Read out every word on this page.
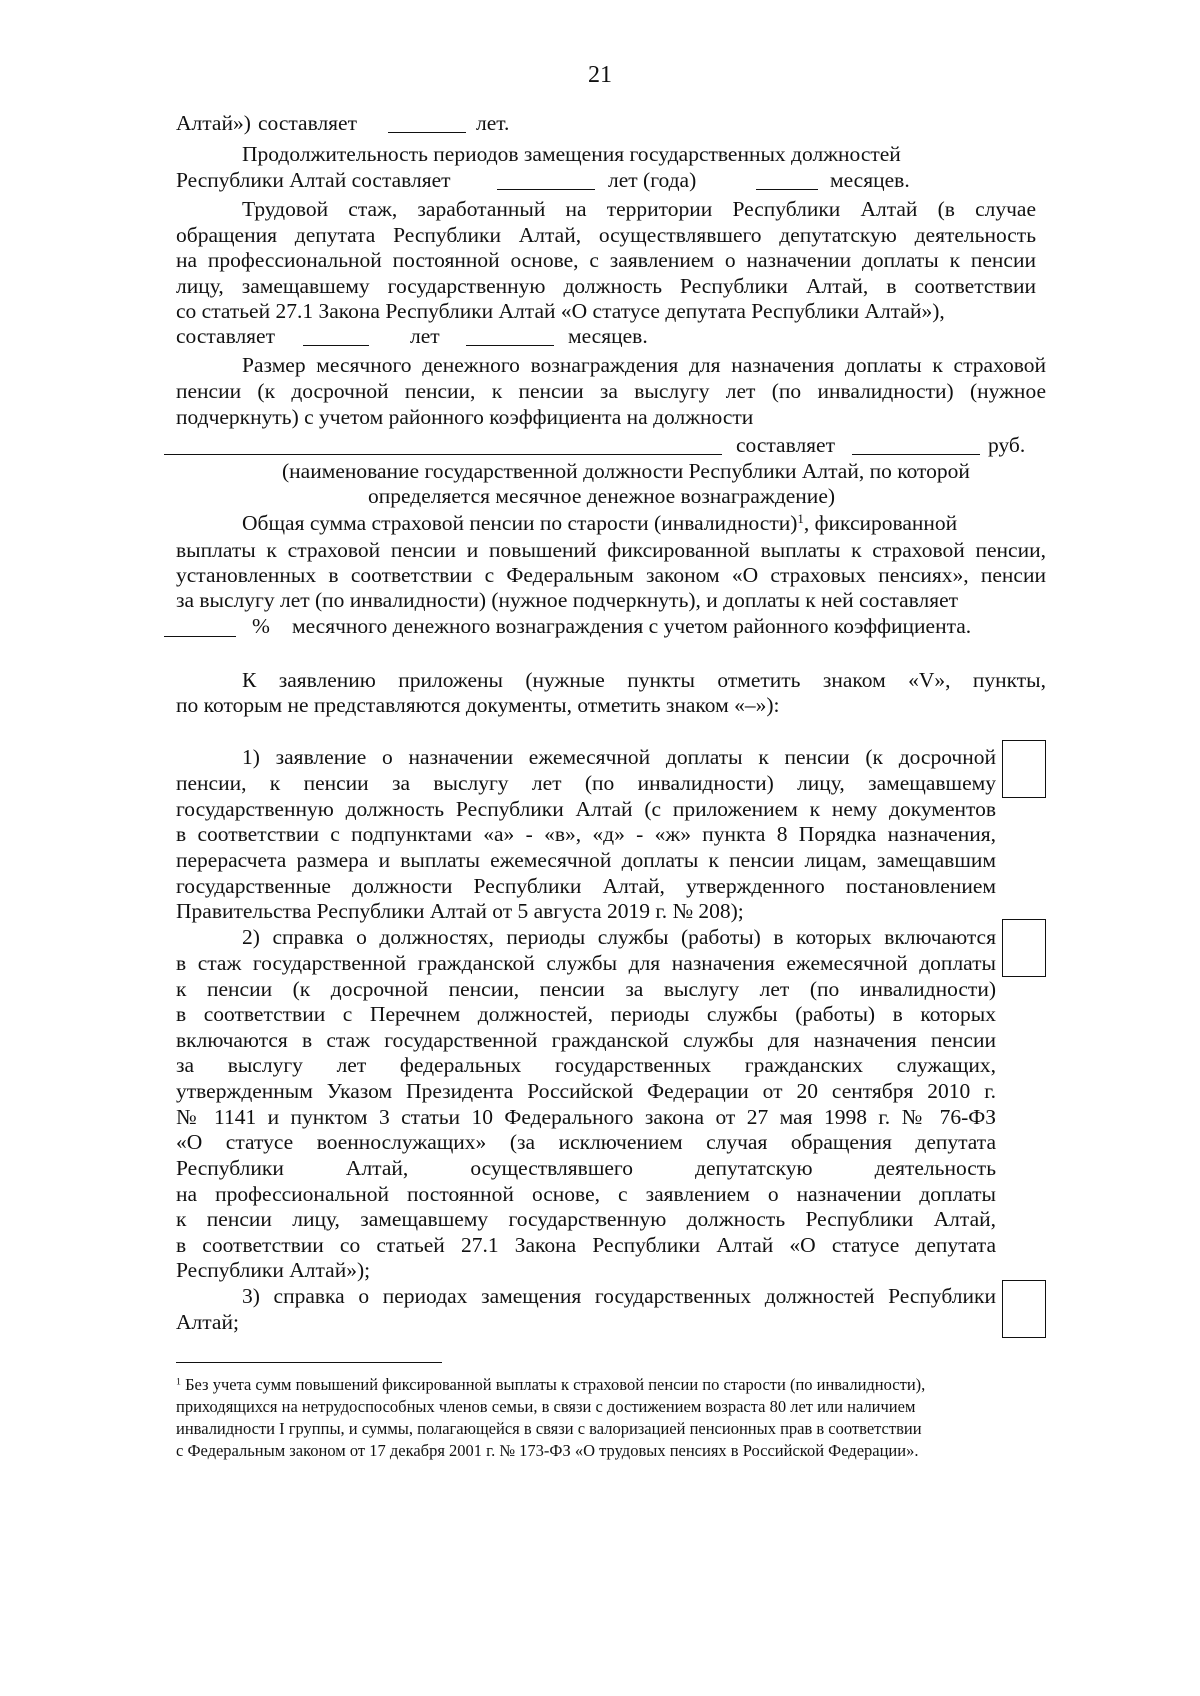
21
Алтай») составляет	лет.
Продолжительность периодов замещения государственных должностей
Республики Алтай составляет	лет (года)	месяцев.
Трудовой стаж, заработанный на территории Республики Алтай (в случае
обращения депутата Республики Алтай, осуществлявшего депутатскую деятельность
на профессиональной постоянной основе, с заявлением о назначении доплаты к пенсии
лицу, замещавшему государственную должность Республики Алтай, в соответствии
со статьей 27.1 Закона Республики Алтай «О статусе депутата Республики Алтай»),
составляет	лет	месяцев.
Размер месячного денежного вознаграждения для назначения доплаты к страховой
пенсии (к досрочной пенсии, к пенсии за выслугу лет (по инвалидности) (нужное
подчеркнуть) с учетом районного коэффициента на должности
составляет	руб.
(наименование государственной должности Республики Алтай, по которой
определяется месячное денежное вознаграждение)
Общая сумма страховой пенсии по старости (инвалидности)$^1$, фиксированной
выплаты к страховой пенсии и повышений фиксированной выплаты к страховой пенсии,
установленных в соответствии с Федеральным законом «О страховых пенсиях», пенсии
за выслугу лет (по инвалидности) (нужное подчеркнуть), и доплаты к ней составляет
% месячного денежного вознаграждения с учетом районного коэффициента.
К заявлению приложены (нужные пункты отметить знаком «V», пункты,
по которым не представляются документы, отметить знаком «–»):
1) заявление о назначении ежемесячной доплаты к пенсии (к досрочной
пенсии, к пенсии за выслугу лет (по инвалидности) лицу, замещавшему
государственную должность Республики Алтай (с приложением к нему документов
в соответствии с подпунктами «а» - «в», «д» - «ж» пункта 8 Порядка назначения,
перерасчета размера и выплаты ежемесячной доплаты к пенсии лицам, замещавшим
государственные должности Республики Алтай, утвержденного постановлением
Правительства Республики Алтай от 5 августа 2019 г. № 208);
2) справка о должностях, периоды службы (работы) в которых включаются
в стаж государственной гражданской службы для назначения ежемесячной доплаты
к пенсии (к досрочной пенсии, пенсии за выслугу лет (по инвалидности)
в соответствии с Перечнем должностей, периоды службы (работы) в которых
включаются в стаж государственной гражданской службы для назначения пенсии
за выслугу лет федеральных государственных гражданских служащих,
утвержденным Указом Президента Российской Федерации от 20 сентября 2010 г.
№ 1141 и пунктом 3 статьи 10 Федерального закона от 27 мая 1998 г. № 76-ФЗ
«О статусе военнослужащих» (за исключением случая обращения депутата
Республики Алтай, осуществлявшего депутатскую деятельность
на профессиональной постоянной основе, с заявлением о назначении доплаты
к пенсии лицу, замещавшему государственную должность Республики Алтай,
в соответствии со статьей 27.1 Закона Республики Алтай «О статусе депутата
Республики Алтай»);
3) справка о периодах замещения государственных должностей Республики
Алтай;
$^1$ Без учета сумм повышений фиксированной выплаты к страховой пенсии по старости (по инвалидности),
приходящихся на нетрудоспособных членов семьи, в связи с достижением возраста 80 лет или наличием
инвалидности I группы, и суммы, полагающейся в связи с валоризацией пенсионных прав в соответствии
с Федеральным законом от 17 декабря 2001 г. № 173-ФЗ «О трудовых пенсиях в Российской Федерации».
